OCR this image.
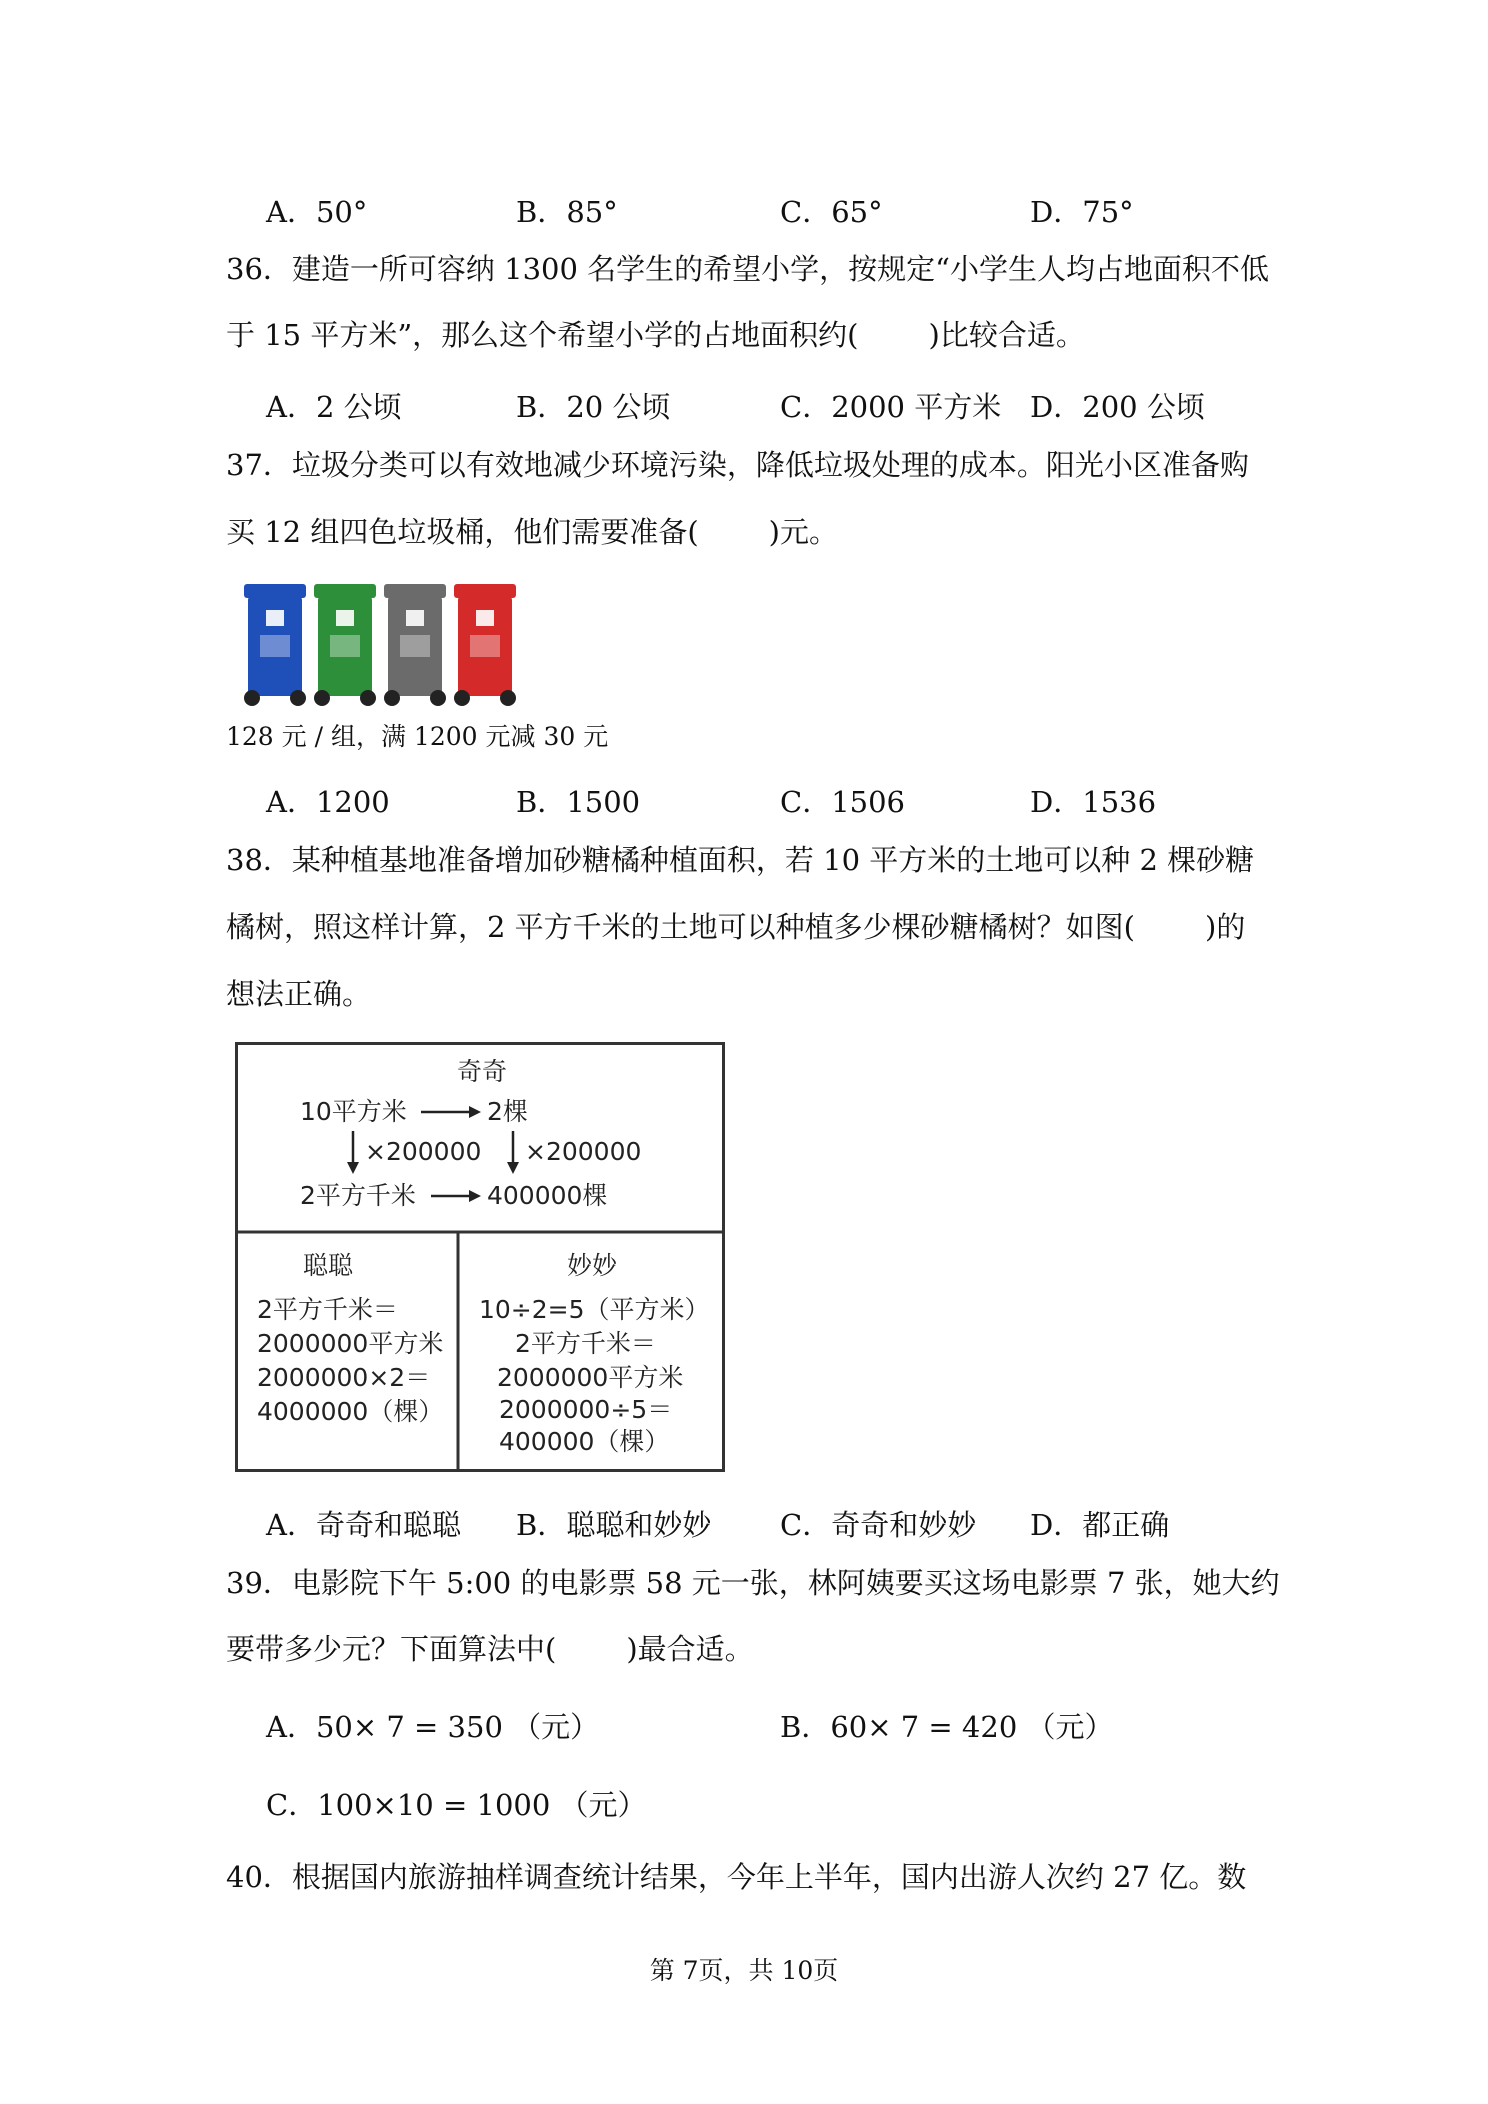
A．50°	B．85°	C．65°	D．75°
36．建造一所可容纳 1300 名学生的希望小学，按规定“小学生人均占地面积不低
于 15 平方米”，那么这个希望小学的占地面积约( )比较合适。
A．2 公顷	B．20 公顷	C．2000 平方米 D．200 公顷
37．垃圾分类可以有效地减少环境污染，降低垃圾处理的成本。阳光小区准备购
买 12 组四色垃圾桶，他们需要准备( )元。
128 元 / 组，满 1200 元减 30 元
A．1200	B．1500	C．1506	D．1536
38．某种植基地准备增加砂糖橘种植面积，若 10 平方米的土地可以种 2 棵砂糖
橘树，照这样计算，2 平方千米的土地可以种植多少棵砂糖橘树？如图( )的
想法正确。
奇奇
10平方米	2棵
×200000 ×200000
2平方千米	400000棵
聪聪
2平方千米＝
2000000平方米
2000000×2＝
4000000（棵）
妙妙
10÷2=5（平方米）
2平方千米＝
2000000平方米
2000000÷5＝
400000（棵）
A．奇奇和聪聪 B．聪聪和妙妙 C．奇奇和妙妙 D．都正确
39．电影院下午 5:00 的电影票 58 元一张，林阿姨要买这场电影票 7 张，她大约
要带多少元？下面算法中( )最合适。
A．50× 7 = 350 （元）	B．60× 7 = 420 （元）
C．100×10 = 1000 （元）
40．根据国内旅游抽样调查统计结果，今年上半年，国内出游人次约 27 亿。数
第 7页，共 10页
